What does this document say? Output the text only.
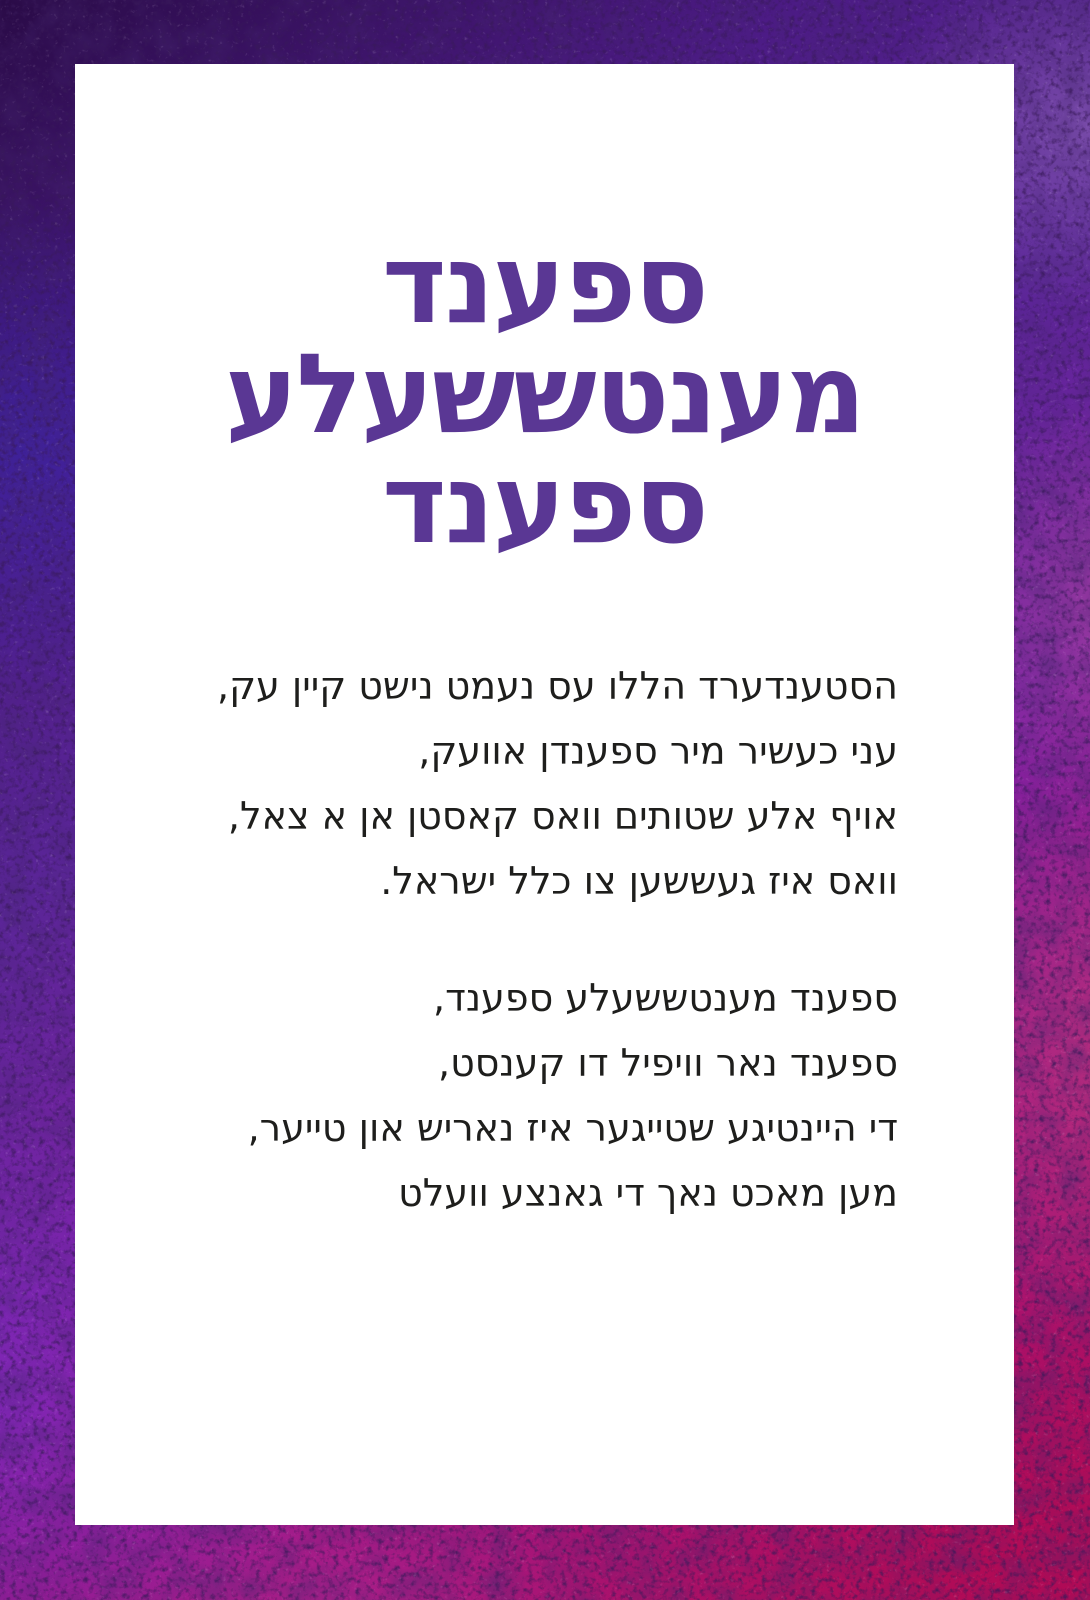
ספענד
מענטששעלע
ספענד

הסטענדערד הללו עס נעמט נישט קיין עק,
עני כעשיר מיר ספענדן אוועק,
אויף אלע שטותים וואס קאסטן אן א צאל,
וואס איז געששען צו כלל ישראל.

ספענד מענטששעלע ספענד,
ספענד נאר וויפיל דו קענסט,
די היינטיגע שטייגער איז נאריש און טייער,
מען מאכט נאך די גאנצע וועלט
